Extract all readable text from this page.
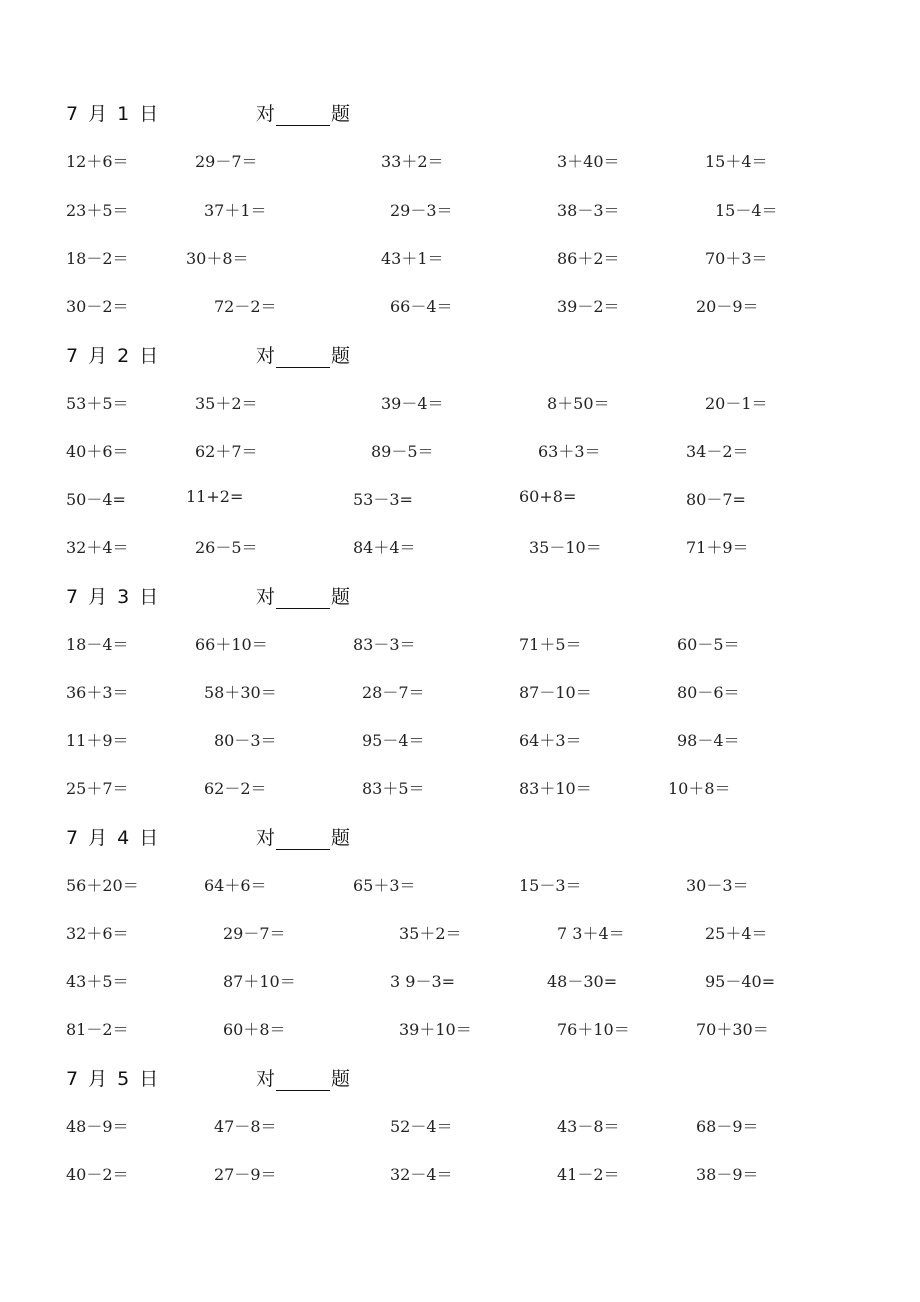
7 月 1 日	对	题
12＋6＝	29－7＝	33＋2＝	3＋40＝	15＋4＝
23＋5＝	37＋1＝	29－3＝	38－3＝	15－4＝
18－2＝	30＋8＝	43＋1＝	86＋2＝	70＋3＝
30－2＝	72－2＝	66－4＝	39－2＝	20－9＝
7 月 2 日	对	题
53＋5＝	35＋2＝	39－4＝	8＋50＝	20－1＝
40＋6＝	62＋7＝	89－5＝	63＋3＝	34－2＝
50－4=	11+2=	53－3=	60+8=	80－7=
32＋4＝	26－5＝	84＋4＝	35－10＝	71＋9＝
7 月 3 日	对	题
18－4＝	66＋10＝	83－3＝	71＋5＝	60－5＝
36＋3＝	58＋30＝	28－7＝	87－10＝	80－6＝
11＋9＝	80－3＝	95－4＝	64＋3＝	98－4＝
25＋7＝	62－2＝	83＋5＝	83＋10＝	10＋8＝
7 月 4 日	对	题
56＋20＝	64＋6＝	65＋3＝	15－3＝	30－3＝
32＋6＝	29－7＝	35＋2＝	7 3＋4＝	25＋4＝
43＋5＝	87＋10＝	3 9－3=	48－30=	95－40=
81－2＝	60＋8＝	39＋10＝	76＋10＝	70＋30＝
7 月 5 日	对	题
48－9＝	47－8＝	52－4＝	43－8＝	68－9＝
40－2＝	27－9＝	32－4＝	41－2＝	38－9＝
